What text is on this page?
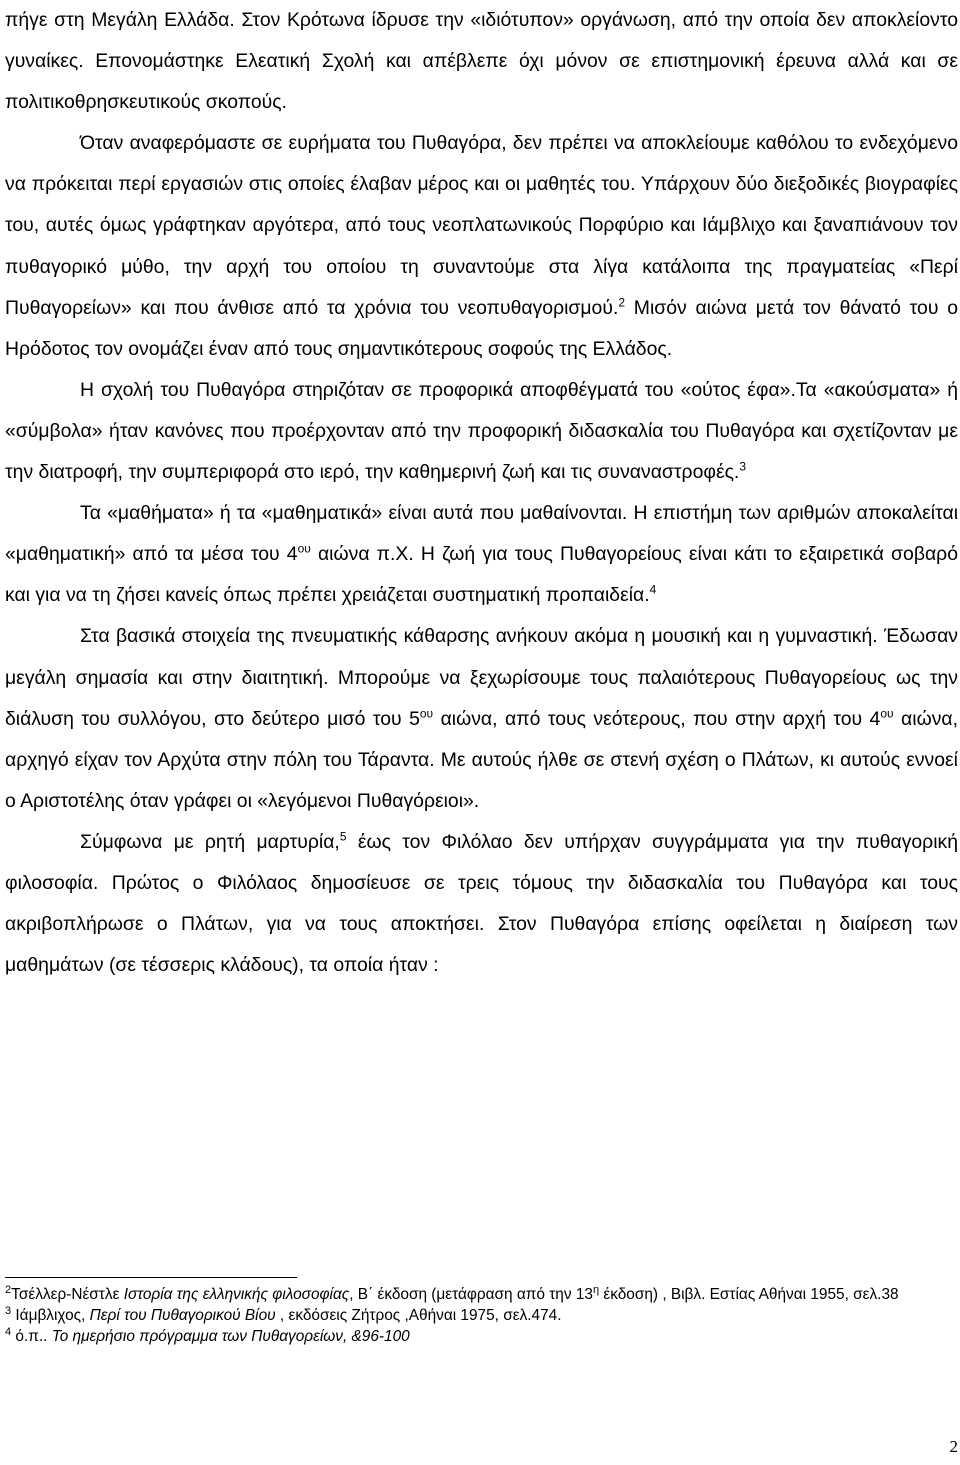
πήγε στη Μεγάλη Ελλάδα. Στον Κρότωνα ίδρυσε την «ιδιότυπον» οργάνωση, από την οποία δεν αποκλείοντο γυναίκες. Επονομάστηκε Ελεατική Σχολή και απέβλεπε όχι μόνον σε επιστημονική έρευνα αλλά και σε πολιτικοθρησκευτικούς σκοπούς.

Όταν αναφερόμαστε σε ευρήματα του Πυθαγόρα, δεν πρέπει να αποκλείουμε καθόλου το ενδεχόμενο να πρόκειται περί εργασιών στις οποίες έλαβαν μέρος και οι μαθητές του. Υπάρχουν δύο διεξοδικές βιογραφίες του, αυτές όμως γράφτηκαν αργότερα, από τους νεοπλατωνικούς Πορφύριο και Ιάμβλιχο και ξαναπιάνουν τον πυθαγορικό μύθο, την αρχή του οποίου τη συναντούμε στα λίγα κατάλοιπα της πραγματείας «Περί Πυθαγορείων» και που άνθισε από τα χρόνια του νεοπυθαγορισμού.$^2$ Μισόν αιώνα μετά τον θάνατό του ο Ηρόδοτος τον ονομάζει έναν από τους σημαντικότερους σοφούς της Ελλάδος.

Η σχολή του Πυθαγόρα στηριζόταν σε προφορικά αποφθέγματά του «ούτος έφα».Τα «ακούσματα» ή «σύμβολα» ήταν κανόνες που προέρχονταν από την προφορική διδασκαλία του Πυθαγόρα και σχετίζονταν με την διατροφή, την συμπεριφορά στο ιερό, την καθημερινή ζωή και τις συναναστροφές.$^3$

Τα «μαθήματα» ή τα «μαθηματικά» είναι αυτά που μαθαίνονται. Η επιστήμη των αριθμών αποκαλείται «μαθηματική» από τα μέσα του $4^{o\upsilon}$ αιώνα π.Χ. Η ζωή για τους Πυθαγορείους είναι κάτι το εξαιρετικά σοβαρό και για να τη ζήσει κανείς όπως πρέπει χρειάζεται συστηματική προπαιδεία.$^4$

Στα βασικά στοιχεία της πνευματικής κάθαρσης ανήκουν ακόμα η μουσική και η γυμναστική. Έδωσαν μεγάλη σημασία και στην διαιτητική. Μπορούμε να ξεχωρίσουμε τους παλαιότερους Πυθαγορείους ως την διάλυση του συλλόγου, στο δεύτερο μισό του $5^{o\upsilon}$ αιώνα, από τους νεότερους, που στην αρχή του $4^{o\upsilon}$ αιώνα, αρχηγό είχαν τον Αρχύτα στην πόλη του Τάραντα. Με αυτούς ήλθε σε στενή σχέση ο Πλάτων, κι αυτούς εννοεί ο Αριστοτέλης όταν γράφει οι «λεγόμενοι Πυθαγόρειοι».

Σύμφωνα με ρητή μαρτυρία,$^5$ έως τον Φιλόλαο δεν υπήρχαν συγγράμματα για την πυθαγορική φιλοσοφία. Πρώτος ο Φιλόλαος δημοσίευσε σε τρεις τόμους την διδασκαλία του Πυθαγόρα και τους ακριβοπλήρωσε ο Πλάτων, για να τους αποκτήσει. Στον Πυθαγόρα επίσης οφείλεται η διαίρεση των μαθημάτων (σε τέσσερις κλάδους), τα οποία ήταν :

$^2$Τσέλλερ-Νέστλε Ιστορία της ελληνικής φιλοσοφίας, Β΄ έκδοση (μετάφραση από την $13^\eta$ έκδοση) , Βιβλ. Εστίας Αθήναι 1955, σελ.38

$^3$ Ιάμβλιχος, Περί του Πυθαγορικού Βίου , εκδόσεις Ζήτρος ,Αθήναι 1975, σελ.474.

$^4$ ό.π.. Το ημερήσιο πρόγραμμα των Πυθαγορείων, &96-100

2
